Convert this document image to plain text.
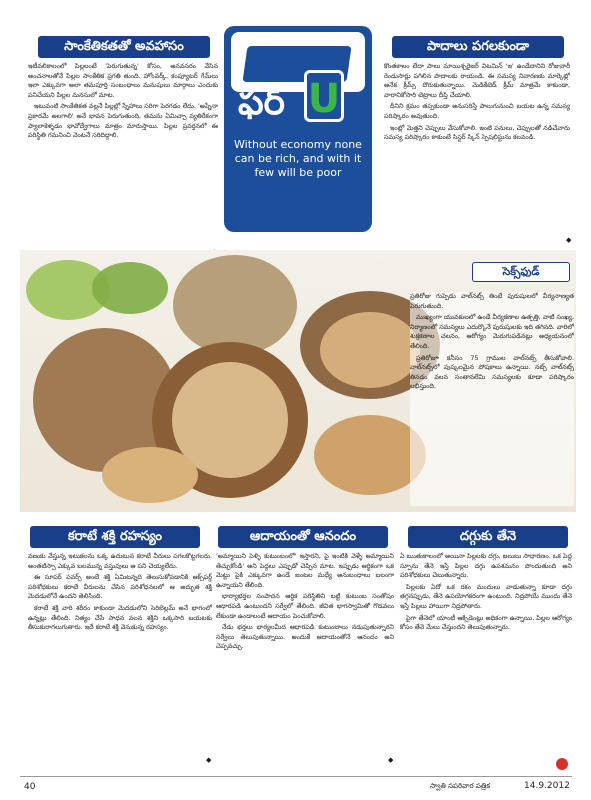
సాంకేతికతతో అవహాసం

ఇటీవలికాలంలో పిల్లలంటే 'పెరుగుతున్న' కోసం, అనవసరం వేసిన అంచనాలతోనే పిల్లల సాంకేతిక ప్రగతి తుంది. హోంవర్క్, కంప్యూటర్ గేమ్‌లు ఇలా ఎక్కువగా అలా తమపూర్తి సంబంధాలు మనుషులు మార్గాలు ఎందుకు పనిచేయని పిల్లల మనసులో మాట.

ఇటువంటి సాంకేతికత వల్లనే పిల్లల్లో స్నేహాలు సరిగా పెరగడం లేదు. 'అప్నేనా ప్రకారమే అలగాలి' అనే భావన పెరుగుతుంది. తమను ఏమిచ్చా వ్యతిరేకంగా ప్యాలాకెళ్ళడం భావోద్వేగాలు మాత్రం మారుస్తాయి. పిల్లల ప్రవర్తనలో ఈ పరిస్థితి గమనించి వెంటనే సరిదిద్దాలి.

ఫర్ U
Without economy none can be rich, and with it few will be poor
పాదాలు పగలకుండా

కొంతకాలం లేదా పాలు మాయిశ్చరైజర్ విటమిన్ 'ఇ' ఉండేదానిని రోజువారీ రెండుసార్లు పగిలిన పాదాలకు రాయండి. ఈ సమస్య నివారణకు మార్కెట్లో అనేక క్రీమ్స్ దొరుకుతున్నాయి. మెడికేటెడ్ క్రీమ్ మాత్రమే కాకుండా, వారానికోసారి టెట్రాలు దీప్తి చేయాలి.

దీనిని క్రమం తప్పకుండా అనుసరిస్తే పాలుగునుంచి బయట ఉన్న సమస్య పరిష్కారం అవుతుంది.

ఇంట్లో మెత్తని చెప్పులు వేసుకోవాలి. ఇంటి పనులు, చెప్పులతో నడిచేవారు సమస్య పరిష్కారం కాకుంటే సిస్టర్ స్కిన్ స్పెషలిస్టును కలవండి.

◆
సెక్స్‌ఫుడ్

ప్రతిరోజు గుప్పెడు వాల్‌నట్స్ తింటే పురుషులలో వీర్యనాణ్యత పెరుగుతుంది.

ముఖ్యంగా యువకులలో ఉండే వీర్యకణాల ఉత్పత్తి, వాటి సంఖ్య, నిర్మాణంలో సమస్యలు ఎదుర్కొనే పురుషులకు ఇది తగినది. వారిలో శుక్రకణాల చలనం, ఆరోగ్యం మెరుగుపడినట్లు అధ్యయనంలో తేలింది.

ప్రతిరోజూ కనీసం 75 గ్రాముల వాల్‌నట్స్ తీసుకోవాలి. వాల్‌నట్స్‌లో పుష్కలమైన పోషకాలు ఉన్నాయి. నట్స్ వాల్‌నట్స్ తినడం వలన సంతానలేమి సమస్యలకు కూడా పరిష్కారం లభిస్తుంది.

కరాటే శక్తి రహస్యం

వణుకు వేస్తున్న ఇటుకలను ఒక్క ఉదుటున కరాటే వీరులు పగలకొట్టగలరు. అంతటిస్సా ఎక్కువ బలమున్న వస్తువులు ఆ పని చెయ్యలేదు.

ఈ సూపర్ పవర్స్ అంటే శక్తి ఏమిటన్నది తెలుసుకోవడానికి ఆక్స్‌ఫర్డ్ పరిశోధకులు కరాటే వీరులను చేసిన పరిశోధనలలో ఆ అద్భుత శక్తి మెదడులోనే ఉందని తెలిసింది.

కరాటే శక్తి వారి శరీరం కాకుండా మెదడులోని సెరిబెల్లమ్ అనే భాగంలో ఉన్నట్లు తేలింది. నిత్యం చేసే సాధన వలన శక్తిని ఒక్కసారి బయటకు తీసుకురాగలుగుతారు. ఇదే కరాటే శక్తి వెనుకున్న రహస్యం.

◆
ఆదాయంతో ఆనందం

'అమ్మాయిని పెళ్ళి కుటుంబంలో' ఇస్తారని, పై ఇంటికి వెళ్ళే అమ్మాయిని తెచ్చుకోండి' అని పెద్దలు ఎప్పుడో చెప్పిన మాట. ఇప్పుడు ఆర్థికంగా ఒక మెట్టు పైకి ఎక్కువగా ఉండే జంటల మధ్యే అనుబంధాలు బలంగా ఉన్నాయని తేలింది.

భార్యాభర్తల సంపాదన ఆర్థిక పరిస్థితిని బట్టి కుటుంబ సంతోషం ఆధారపడి ఉంటుందని సర్వేలో తేలింది. జీవిత భాగస్వామితో గొడవలు లేకుండా ఉండాలంటే ఆదాయం పెంచుకోవాలి.

నేడు భర్తలు భార్యలమీద ఆధారపడి కుటుంబాలు నడుపుతున్నారని సర్వేలు తెలుపుతున్నాయి. అందుకే ఆదాయంతోనే ఆనందం అని చెప్పవచ్చు.

◆
దగ్గుకు తేనె

ఏ ఋతుకాలంలో అయినా పిల్లలకు దగ్గు, జలుబు సాధారణం. ఒక పెద్ద స్పూను తేనె ఇస్తే పిల్లల దగ్గు ఉపశమనం పొందుతుంది అని పరిశోధకులు చెబుతున్నారు.

పిల్లలకు ఏదో ఒక రకం మందులు వాడుతున్నా కూడా దగ్గు తగ్గనప్పుడు, తేనె ఉపయోగకరంగా ఉంటుంది. నిద్రపోయే ముందు తేనె ఇస్తే పిల్లలు హాయిగా నిద్రపోతారు.

పైగా తేనెలో యాంటీ ఆక్సిడెంట్లు అధికంగా ఉన్నాయి. పిల్లల ఆరోగ్యం కోసం తేనె మేలు చేస్తుందని తెలుపుతున్నారు.

40	స్వాతి సపరివార పత్రిక	14.9.2012
